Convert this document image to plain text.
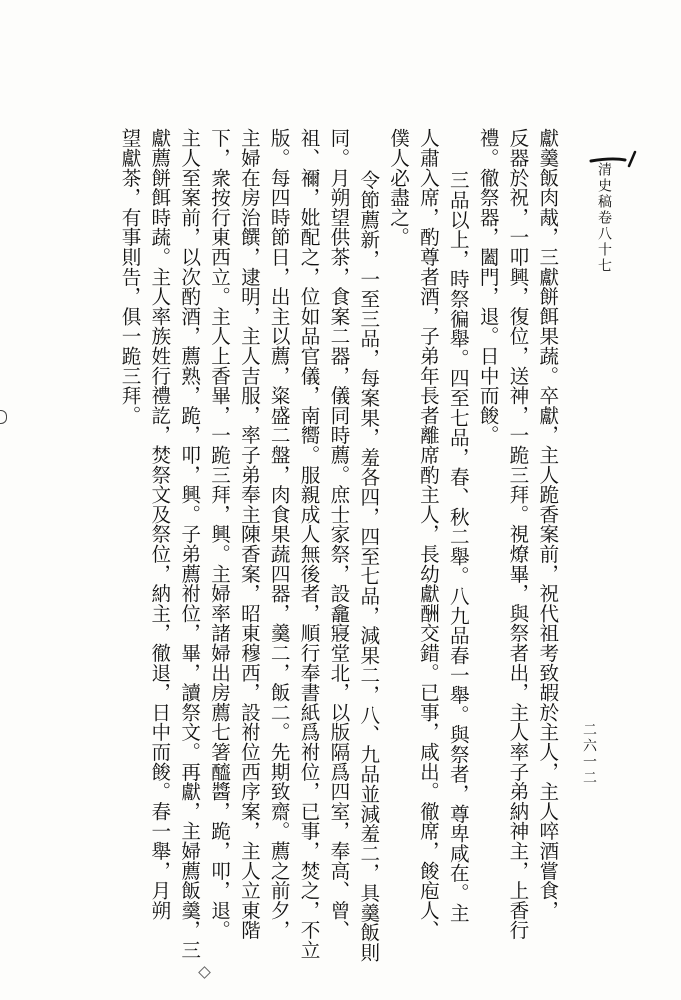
清史稿卷八十七
二六一二
獻羹飯肉胾，三獻餅餌果蔬。卒獻，主人跪香案前，祝代祖考致嘏於主人，主人啐酒嘗食，
反器於祝，一叩興，復位，送神，一跪三拜。視燎畢，與祭者出，主人率子弟納神主，上香行
禮。徹祭器，闔門，退。日中而餕。
三品以上，時祭徧舉。四至七品，春、秋二舉。八九品春一舉。與祭者，尊卑咸在。主
人肅入席，酌尊者酒，子弟年長者離席酌主人，長幼獻酬交錯。已事，咸出。徹席，餕庖人、
僕人必盡之。
令節薦新，一至三品，每案果，羞各四，四至七品，減果二，八、九品並減羞二，具羹飯則
同。月朔望供茶，食案二器，儀同時薦。庶士家祭，設龕寢堂北，以版隔爲四室，奉高、曾、
祖、禰，妣配之，位如品官儀，南嚮。服親成人無後者，順行奉書紙爲祔位，已事，焚之，不立
版。每四時節日，出主以薦，粢盛二盤，肉食果蔬四器，羹二，飯二。先期致齋。薦之前夕，
主婦在房治饌，逮明，主人吉服，率子弟奉主陳香案，昭東穆西，設祔位西序案，主人立東階
下，衆按行東西立。主人上香畢，一跪三拜，興。主婦率諸婦出房薦七箸醯醬，跪，叩，退。
主人至案前，以次酌酒，薦熟，跪，叩，興。子弟薦祔位，畢，讀祭文。再獻，主婦薦飯羹，三
獻薦餅餌時蔬。主人率族姓行禮訖，焚祭文及祭位，納主，徹退，日中而餕。春一舉，月朔
望獻茶，有事則告，俱一跪三拜。
